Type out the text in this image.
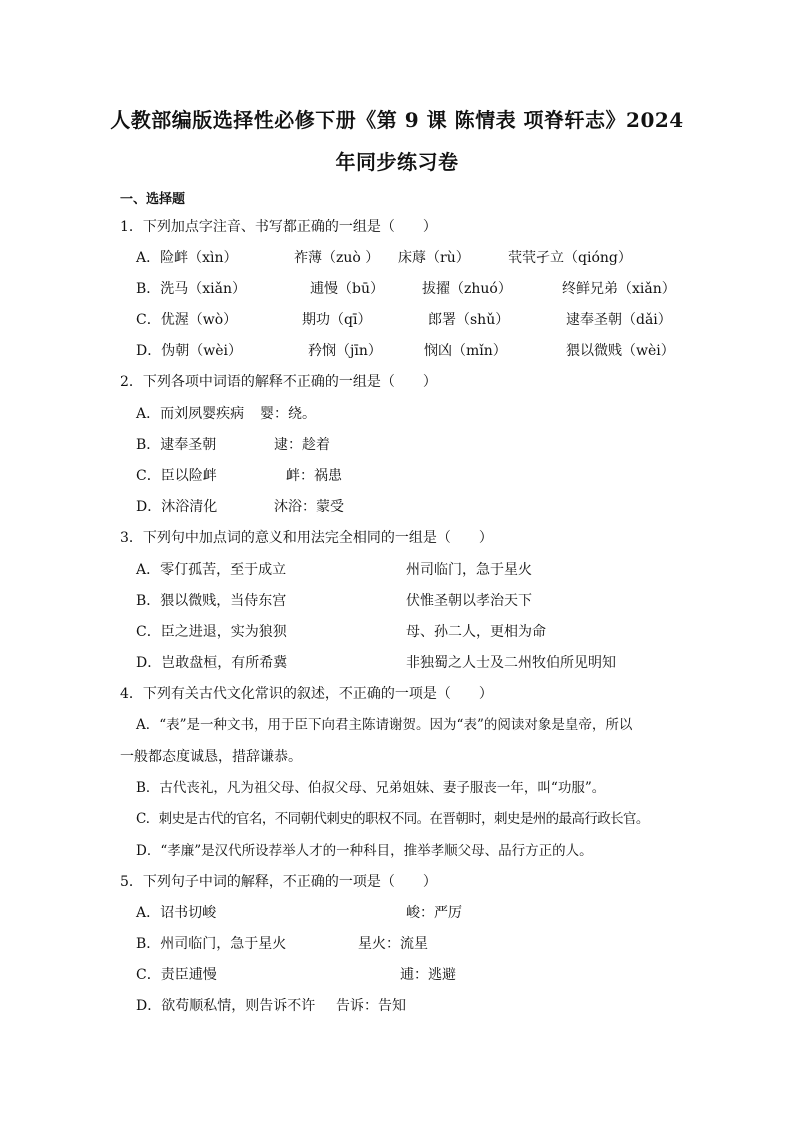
人教部编版选择性必修下册《第 9 课 陈情表 项脊轩志》2024
年同步练习卷
一、选择题
1．下列加点字注音、书写都正确的一组是（　　）
A．险衅（xìn）	祚薄（zuò ） 床蓐（rù）	茕茕孑立（qióng）
B．洗马（xiǎn）	逋慢（bū）	拔擢（zhuó）	终鲜兄弟（xiǎn）
C．优渥（wò）	期功（qī）	郎署（shǔ）	逮奉圣朝（dǎi）
D．伪朝（wèi）	矜悯（jīn）	悯凶（mǐn）	猥以微贱（wèi）
2．下列各项中词语的解释不正确的一组是（　　）
A．而刘夙婴疾病 婴：绕。
B．逮奉圣朝	逮：趁着
C．臣以险衅	衅：祸患
D．沐浴清化	沐浴：蒙受
3．下列句中加点词的意义和用法完全相同的一组是（　　）
A．零仃孤苦，至于成立	州司临门，急于星火
B．猥以微贱，当侍东宫	伏惟圣朝以孝治天下
C．臣之进退，实为狼狈	母、孙二人，更相为命
D．岂敢盘桓，有所希冀	非独蜀之人士及二州牧伯所见明知
4．下列有关古代文化常识的叙述，不正确的一项是（　　）
A．“表”是一种文书，用于臣下向君主陈请谢贺。因为“表”的阅读对象是皇帝，所以
一般都态度诚恳，措辞谦恭。
B．古代丧礼，凡为祖父母、伯叔父母、兄弟姐妹、妻子服丧一年，叫“功服”。
C．刺史是古代的官名，不同朝代刺史的职权不同。在晋朝时，刺史是州的最高行政长官。
D．“孝廉”是汉代所设荐举人才的一种科目，推举孝顺父母、品行方正的人。
5．下列句子中词的解释，不正确的一项是（　　）
A．诏书切峻	峻：严厉
B．州司临门，急于星火	星火：流星
C．责臣逋慢	逋：逃避
D．欲苟顺私情，则告诉不许 告诉：告知
